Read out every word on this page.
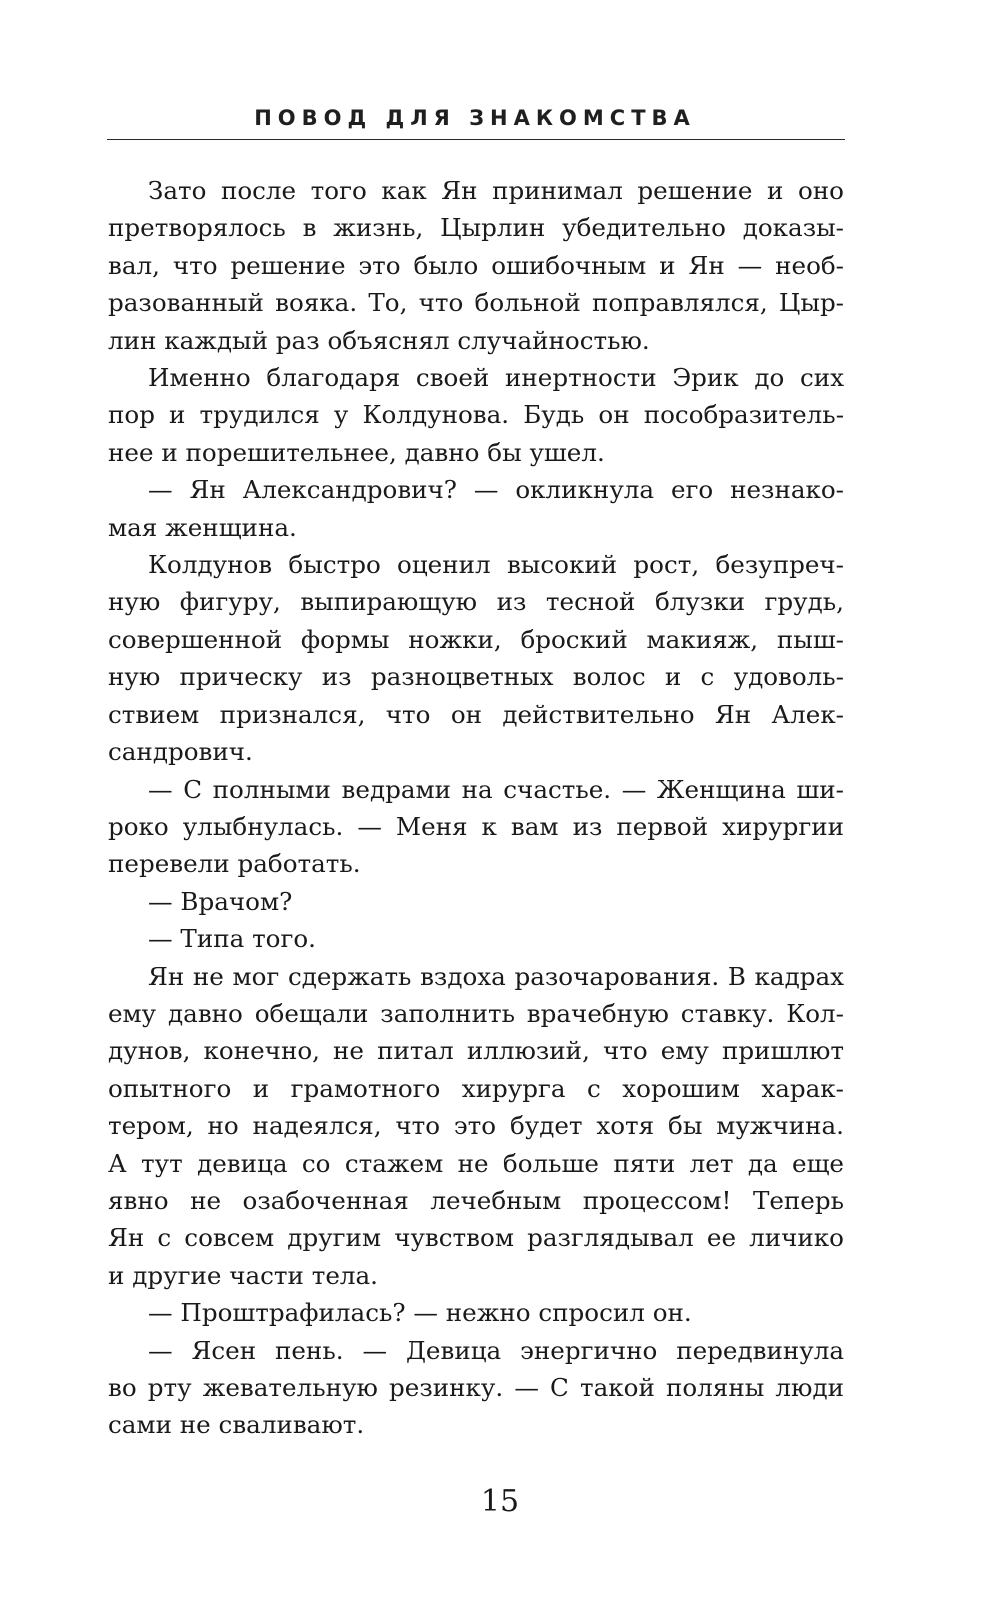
ПОВОД ДЛЯ ЗНАКОМСТВА

Зато после того как Ян принимал решение и оно
претворялось в жизнь, Цырлин убедительно доказы-
вал, что решение это было ошибочным и Ян — необ-
разованный вояка. То, что больной поправлялся, Цыр-
лин каждый раз объяснял случайностью.

Именно благодаря своей инертности Эрик до сих
пор и трудился у Колдунова. Будь он пособразитель-
нее и порешительнее, давно бы ушел.

— Ян Александрович? — окликнула его незнако-
мая женщина.

Колдунов быстро оценил высокий рост, безупреч-
ную фигуру, выпирающую из тесной блузки грудь,
совершенной формы ножки, броский макияж, пыш-
ную прическу из разноцветных волос и с удоволь-
ствием признался, что он действительно Ян Алек-
сандрович.

— С полными ведрами на счастье. — Женщина ши-
роко улыбнулась. — Меня к вам из первой хирургии
перевели работать.

— Врачом?

— Типа того.

Ян не мог сдержать вздоха разочарования. В кадрах
ему давно обещали заполнить врачебную ставку. Кол-
дунов, конечно, не питал иллюзий, что ему пришлют
опытного и грамотного хирурга с хорошим харак-
тером, но надеялся, что это будет хотя бы мужчина.
А тут девица со стажем не больше пяти лет да еще
явно не озабоченная лечебным процессом! Теперь
Ян с совсем другим чувством разглядывал ее личико
и другие части тела.

— Проштрафилась? — нежно спросил он.

— Ясен пень. — Девица энергично передвинула
во рту жевательную резинку. — С такой поляны люди
сами не сваливают.

15
